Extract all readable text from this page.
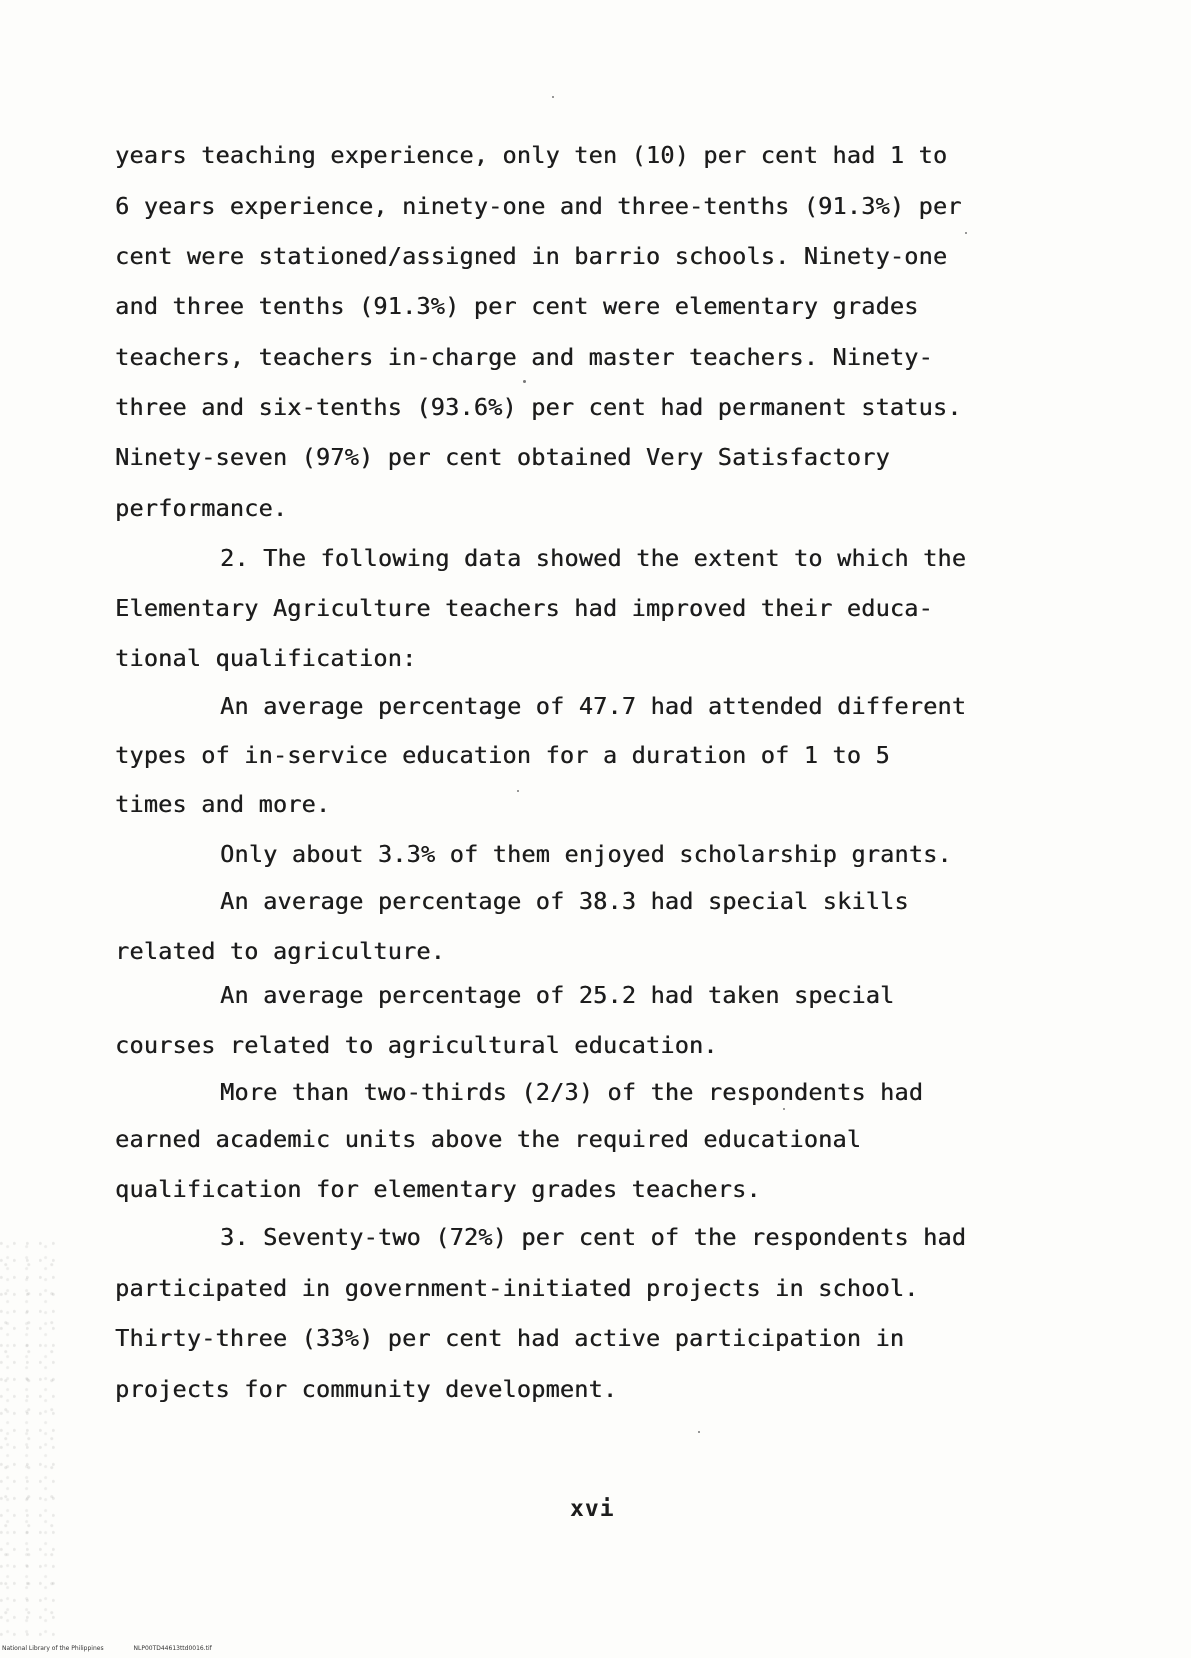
years teaching experience, only ten (10) per cent had 1 to
6 years experience, ninety-one and three-tenths (91.3%) per
cent were stationed/assigned in barrio schools. Ninety-one
and three tenths (91.3%) per cent were elementary grades
teachers, teachers in-charge and master teachers. Ninety-
three and six-tenths (93.6%) per cent had permanent status.
Ninety-seven (97%) per cent obtained Very Satisfactory
performance.
2. The following data showed the extent to which the
Elementary Agriculture teachers had improved their educa-
tional qualification:
An average percentage of 47.7 had attended different
types of in-service education for a duration of 1 to 5
times and more.
Only about 3.3% of them enjoyed scholarship grants.
An average percentage of 38.3 had special skills
related to agriculture.
An average percentage of 25.2 had taken special
courses related to agricultural education.
More than two-thirds (2/3) of the respondents had
earned academic units above the required educational
qualification for elementary grades teachers.
3. Seventy-two (72%) per cent of the respondents had
participated in government-initiated projects in school.
Thirty-three (33%) per cent had active participation in
projects for community development.
xvi
National Library of the Philippines	NLP00TD44613ttd0016.tif
